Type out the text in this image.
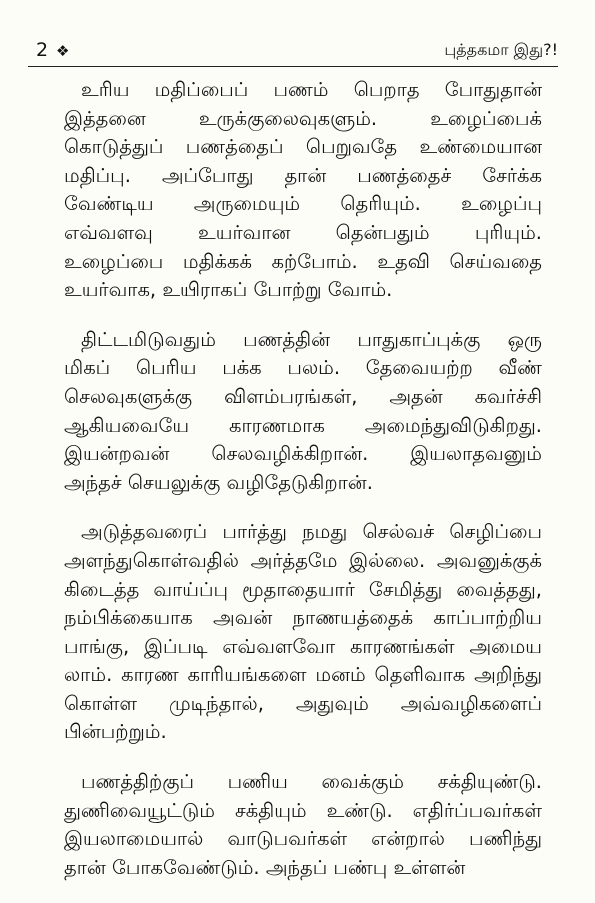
2 ❖	புத்தகமா இது?!
உரிய மதிப்பைப் பணம் பெறாத போதுதான்
இத்தனை உருக்குலைவுகளும். உழைப்பைக்
கொடுத்துப் பணத்தைப் பெறுவதே உண்மையான
மதிப்பு. அப்போது தான் பணத்தைச் சேர்க்க
வேண்டிய அருமையும் தெரியும். உழைப்பு
எவ்வளவு உயர்வான தென்பதும் புரியும்.
உழைப்பை மதிக்கக் கற்போம். உதவி செய்வதை
உயர்வாக, உயிராகப் போற்று வோம்.
திட்டமிடுவதும் பணத்தின் பாதுகாப்புக்கு ஒரு
மிகப் பெரிய பக்க பலம். தேவையற்ற வீண்
செலவுகளுக்கு விளம்பரங்கள், அதன் கவர்ச்சி
ஆகியவையே காரணமாக அமைந்துவிடுகிறது.
இயன்றவன் செலவழிக்கிறான். இயலாதவனும்
அந்தச் செயலுக்கு வழிதேடுகிறான்.
அடுத்தவரைப் பார்த்து நமது செல்வச் செழிப்பை
அளந்துகொள்வதில் அர்த்தமே இல்லை. அவனுக்குக்
கிடைத்த வாய்ப்பு மூதாதையார் சேமித்து வைத்தது,
நம்பிக்கையாக அவன் நாணயத்தைக் காப்பாற்றிய
பாங்கு, இப்படி எவ்வளவோ காரணங்கள் அமைய
லாம். காரண காரியங்களை மனம் தெளிவாக அறிந்து
கொள்ள முடிந்தால், அதுவும் அவ்வழிகளைப்
பின்பற்றும்.
பணத்திற்குப் பணிய வைக்கும் சக்தியுண்டு.
துணிவையூட்டும் சக்தியும் உண்டு. எதிர்ப்பவர்கள்
இயலாமையால் வாடுபவர்கள் என்றால் பணிந்து
தான் போகவேண்டும். அந்தப் பண்பு உள்ளன்
